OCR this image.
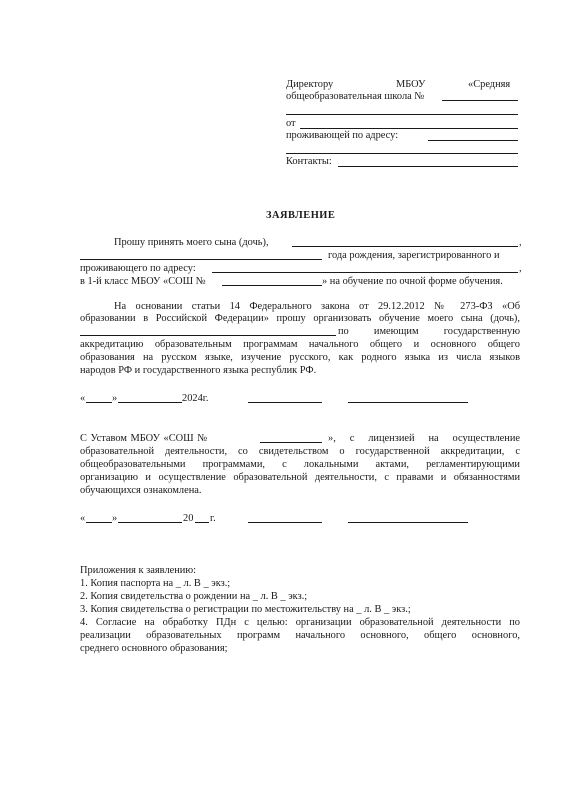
Директору	МБОУ	«Средняя
общеобразовательная школа №
от
проживающей по адресу:
Контакты:
ЗАЯВЛЕНИЕ
Прошу принять моего сына (дочь),	,
года рождения, зарегистрированного и
проживающего по адресу:	,
в 1-й класс МБОУ «СОШ №	» на обучение по очной форме обучения.
На основании статьи 14 Федерального закона от 29.12.2012 № 273-ФЗ «Об
образовании в Российской Федерации» прошу организовать обучение моего сына (дочь),
по имеющим государственную
аккредитацию образовательным программам начального общего и основного общего
образования на русском языке, изучение русского, как родного языка из числа языков
народов РФ и государственного языка республик РФ.
«	»	2024г.
С Уставом МБОУ «СОШ №	», с лицензией на осуществление
образовательной деятельности, со свидетельством о государственной аккредитации, с
общеобразовательными программами, с локальными актами, регламентирующими
организацию и осуществление образовательной деятельности, с правами и обязанностями
обучающихся ознакомлена.
«	»	20 г.
Приложения к заявлению:
1. Копия паспорта на _ л. В _ экз.;
2. Копия свидетельства о рождении на _ л. В _ экз.;
3. Копия свидетельства о регистрации по местожительству на _ л. В _ экз.;
4. Согласие на обработку ПДн с целью: организации образовательной деятельности по
реализации образовательных программ начального основного, общего основного,
среднего основного образования;
